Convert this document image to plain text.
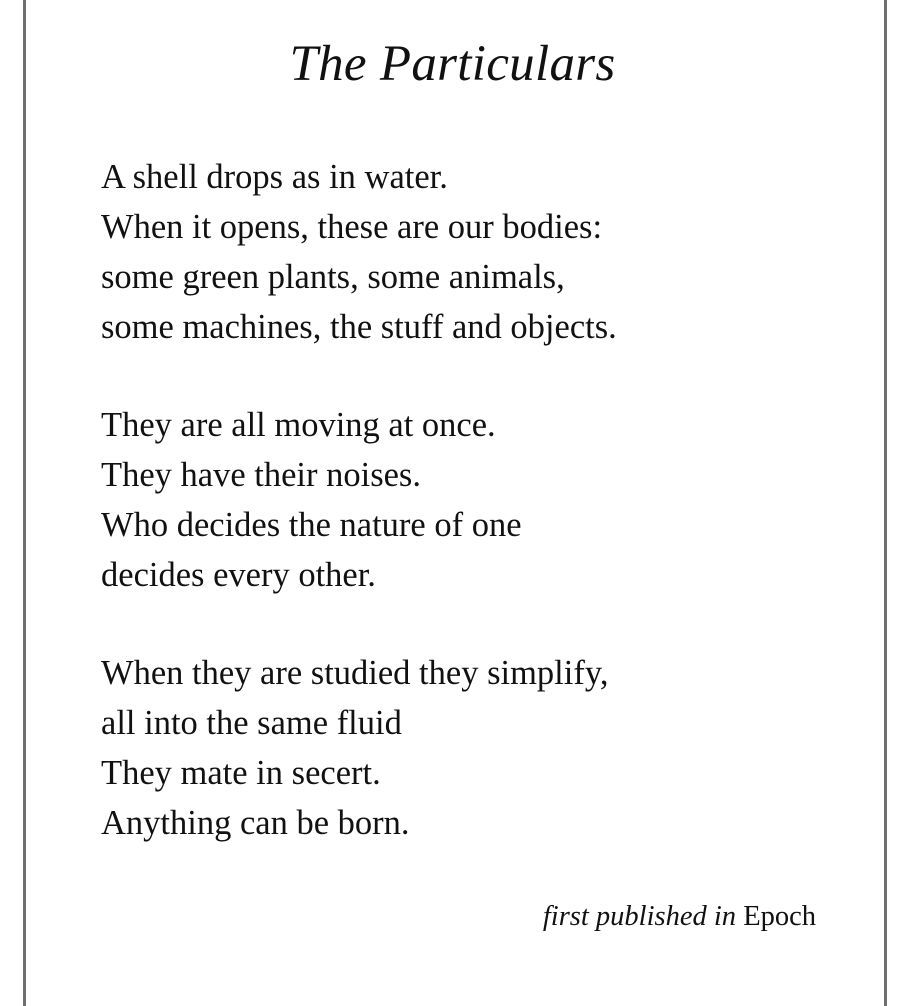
The Particulars
A shell drops as in water.
When it opens, these are our bodies:
some green plants, some animals,
some machines, the stuff and objects.
They are all moving at once.
They have their noises.
Who decides the nature of one
decides every other.
When they are studied they simplify,
all into the same fluid
They mate in secert.
Anything can be born.
first published in Epoch
